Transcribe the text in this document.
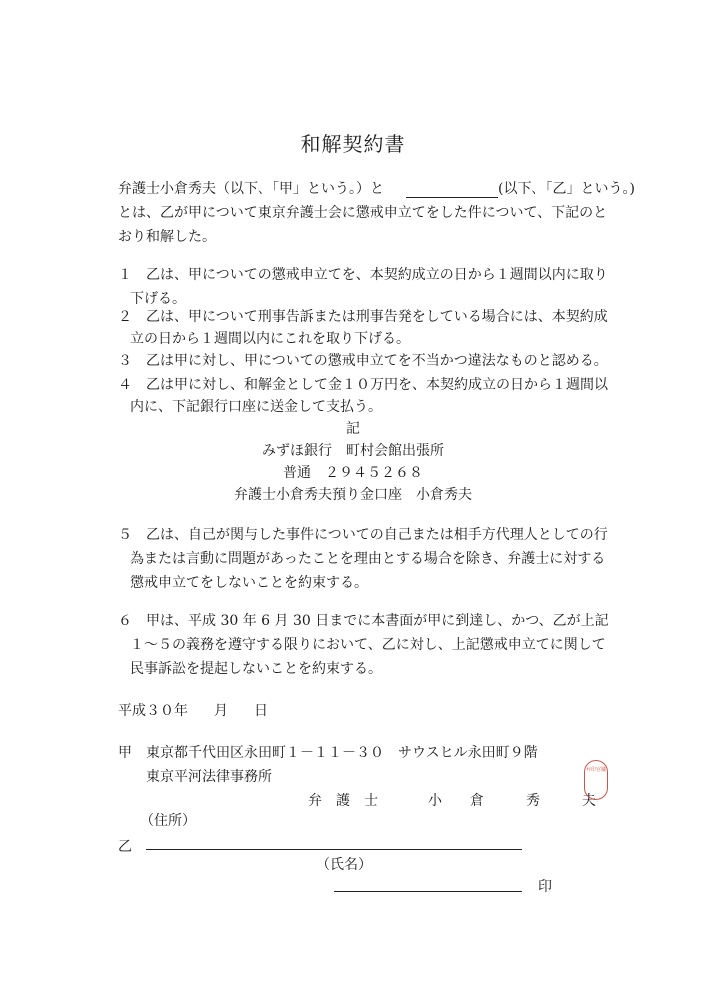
和解契約書
弁護士小倉秀夫（以下､「甲」という。）と	(以下､「乙」という。)
とは、乙が甲について東京弁護士会に懲戒申立てをした件について、下記のと
おり和解した。
１　乙は、甲についての懲戒申立てを、本契約成立の日から１週間以内に取り
下げる。
２　乙は、甲について刑事告訴または刑事告発をしている場合には、本契約成
立の日から１週間以内にこれを取り下げる。
３　乙は甲に対し、甲についての懲戒申立てを不当かつ違法なものと認める。
４　乙は甲に対し、和解金として金１０万円を、本契約成立の日から１週間以
内に、下記銀行口座に送金して支払う。
記
みずほ銀行　町村会館出張所
普通　２９４５２６８
弁護士小倉秀夫預り金口座　小倉秀夫
５　乙は、自己が関与した事件についての自己または相手方代理人としての行
為または言動に問題があったことを理由とする場合を除き、弁護士に対する
懲戒申立てをしないことを約束する。
６　甲は、平成 30 年 6 月 30 日までに本書面が甲に到達し、かつ、乙が上記
１～５の義務を遵守する限りにおいて、乙に対し、上記懲戒申立てに関して
民事訴訟を提起しないことを約束する。
平成３０年 月 日
甲 東京都千代田区永田町１－１１－３０　サウスヒル永田町９階
東京平河法律事務所
弁　護　士	小　　倉　　　秀　　　夫
弁印官職
（住所）
乙
（氏名）
印
